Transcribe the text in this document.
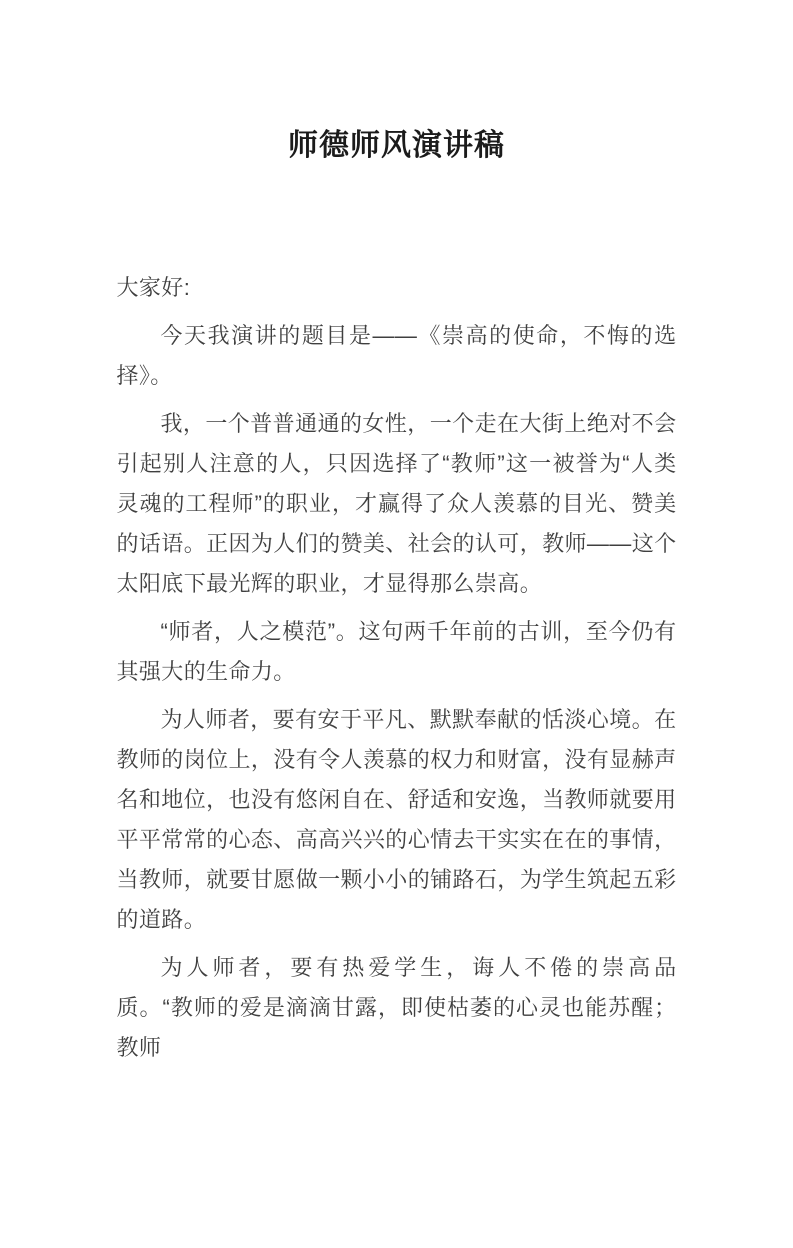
师德师风演讲稿

大家好:

今天我演讲的题目是——《崇高的使命，不悔的选择》。

我，一个普普通通的女性，一个走在大街上绝对不会引起别人注意的人，只因选择了“教师”这一被誉为“人类灵魂的工程师”的职业，才赢得了众人羡慕的目光、赞美的话语。正因为人们的赞美、社会的认可，教师——这个太阳底下最光辉的职业，才显得那么崇高。

“师者，人之模范”。这句两千年前的古训，至今仍有其强大的生命力。

为人师者，要有安于平凡、默默奉献的恬淡心境。在教师的岗位上，没有令人羡慕的权力和财富，没有显赫声名和地位，也没有悠闲自在、舒适和安逸，当教师就要用平平常常的心态、高高兴兴的心情去干实实在在的事情，当教师，就要甘愿做一颗小小的铺路石，为学生筑起五彩的道路。

为人师者，要有热爱学生，诲人不倦的崇高品质。“教师的爱是滴滴甘露，即使枯萎的心灵也能苏醒；教师
